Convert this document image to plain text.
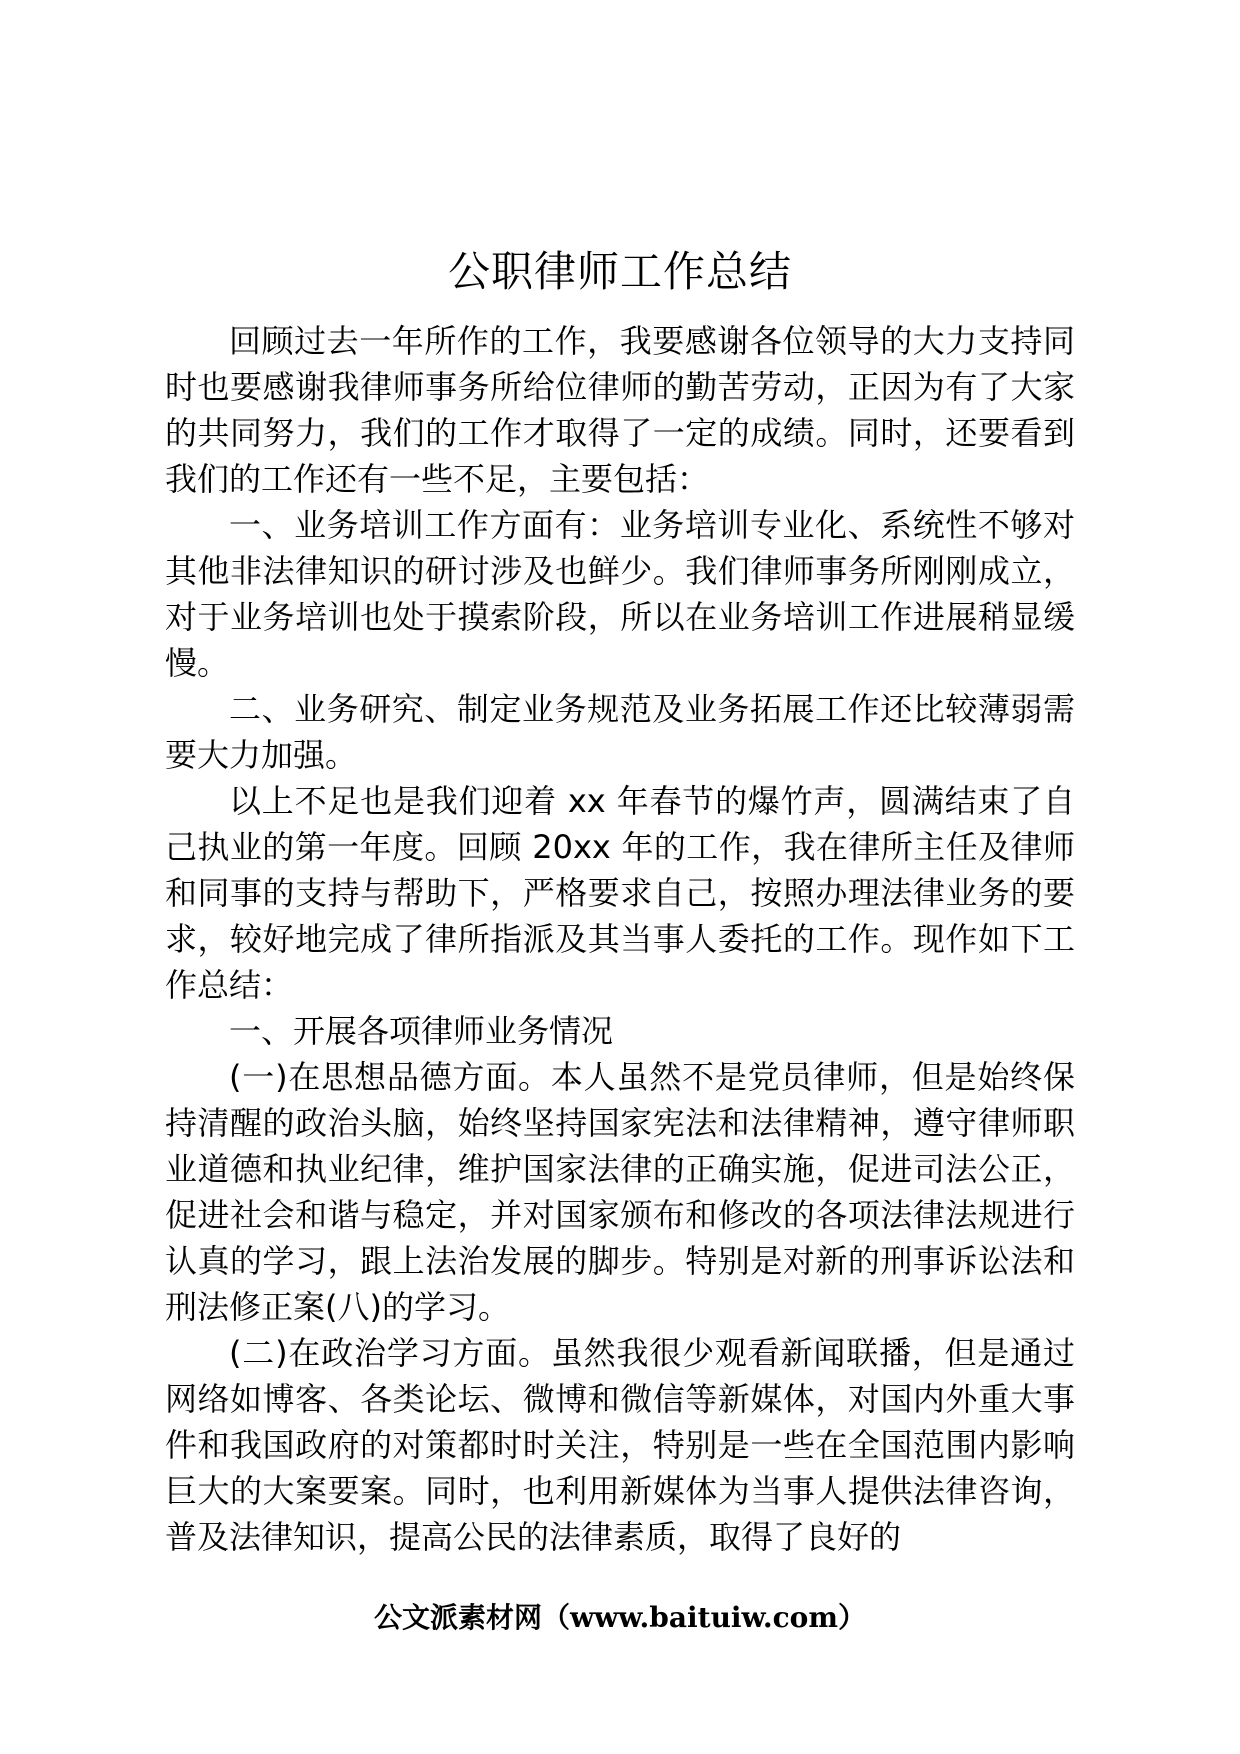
公职律师工作总结

回顾过去一年所作的工作，我要感谢各位领导的大力支持同时也要感谢我律师事务所给位律师的勤苦劳动，正因为有了大家的共同努力，我们的工作才取得了一定的成绩。同时，还要看到我们的工作还有一些不足，主要包括：

一、业务培训工作方面有：业务培训专业化、系统性不够对其他非法律知识的研讨涉及也鲜少。我们律师事务所刚刚成立，对于业务培训也处于摸索阶段，所以在业务培训工作进展稍显缓慢。

二、业务研究、制定业务规范及业务拓展工作还比较薄弱需要大力加强。

以上不足也是我们迎着 xx 年春节的爆竹声，圆满结束了自己执业的第一年度。回顾 20xx 年的工作，我在律所主任及律师和同事的支持与帮助下，严格要求自己，按照办理法律业务的要求，较好地完成了律所指派及其当事人委托的工作。现作如下工作总结：

一、开展各项律师业务情况

(一)在思想品德方面。本人虽然不是党员律师，但是始终保持清醒的政治头脑，始终坚持国家宪法和法律精神，遵守律师职业道德和执业纪律，维护国家法律的正确实施，促进司法公正，促进社会和谐与稳定，并对国家颁布和修改的各项法律法规进行认真的学习，跟上法治发展的脚步。特别是对新的刑事诉讼法和刑法修正案(八)的学习。

(二)在政治学习方面。虽然我很少观看新闻联播，但是通过网络如博客、各类论坛、微博和微信等新媒体，对国内外重大事件和我国政府的对策都时时关注，特别是一些在全国范围内影响巨大的大案要案。同时，也利用新媒体为当事人提供法律咨询，普及法律知识，提高公民的法律素质，取得了良好的

公文派素材网（www.baituiw.com）
